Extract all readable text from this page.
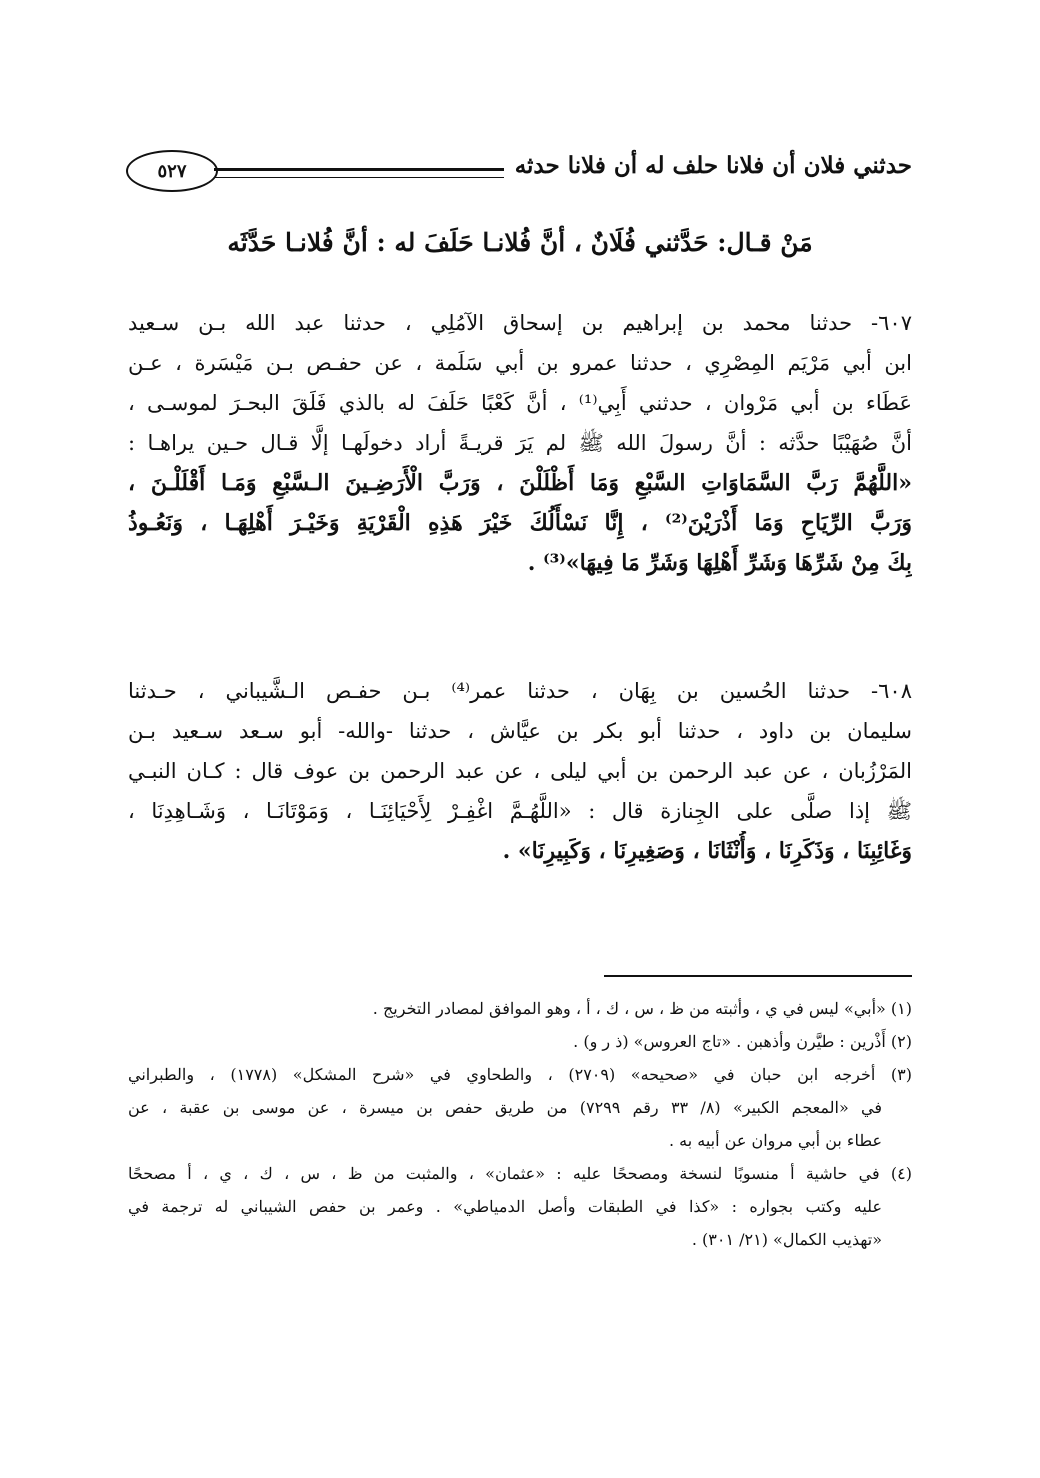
حدثني فلان أن فلانا حلف له أن فلانا حدثه
٥٢٧
مَنْ قـال: حَدَّثني فُلَانٌ ، أنَّ فُلانـا حَلَفَ له : أنَّ فُلانـا حَدَّثَه
٦٠٧- حدثنا محمد بن إبراهيم بن إسحاق الآمُلِي ، حدثنا عبد الله بـن سـعيد
ابن أبي مَرْيَم المِصْرِي ، حدثنا عمرو بن أبي سَلَمة ، عن حفـص بـن مَيْسَرة ، عـن
عَطَاء بن أبي مَرْوان ، حدثني أَبِي⁽¹⁾ ، أنَّ كَعْبًا حَلَفَ له بالذي فَلَقَ البحـرَ لموسـى ،
أنَّ صُهَيْبًا حدَّثه : أنَّ رسولَ الله ﷺ لم يَرَ قريـةً أراد دخولَهـا إلَّا قـال حـين يراهـا :
«اللَّهُمَّ رَبَّ السَّمَاوَاتِ السَّبْعِ وَمَا أَظْلَلْنَ ، وَرَبَّ الْأَرَضِـينَ الـسَّبْعِ وَمَـا أَقْلَلْـنَ ،
وَرَبَّ الرِّيَاحِ وَمَا أَذْرَيْنَ⁽²⁾ ، إِنَّا نَسْأَلُكَ خَيْرَ هَذِهِ الْقَرْيَةِ وَخَيْـرَ أَهْلِهَـا ، وَنَعُـوذُ
بِكَ مِنْ شَرِّهَا وَشَرِّ أَهْلِهَا وَشَرِّ مَا فِيهَا»⁽³⁾ .
٦٠٨- حدثنا الحُسين بن بِهَان ، حدثنا عمر⁽⁴⁾ بـن حفـص الـشَّيباني ، حـدثنا
سليمان بن داود ، حدثنا أبو بكر بن عيَّاش ، حدثنا -والله- أبو سـعد سـعيد بـن
المَرْزُبان ، عن عبد الرحمن بن أبي ليلى ، عن عبد الرحمن بن عوف قال : كـان النبـي
ﷺ إذا صلَّى على الجِنازة قال : «اللَّهُـمَّ اغْفِـرْ لِأَحْيَائِنَـا ، وَمَوْتَانَـا ، وَشَـاهِدِنَا ،
وَغَائِبِنَا ، وَذَكَرِنَا ، وَأُنْثَانَا ، وَصَغِيرِنَا ، وَكَبِيرِنَا» .
(١) «أبي» ليس في ي ، وأثبته من ظ ، س ، ك ، أ ، وهو الموافق لمصادر التخريج .
(٢) أَذْرين : طيَّرن وأذهبن . «تاج العروس» (ذ ر و) .
(٣) أخرجه ابن حبان في «صحيحه» (٢٧٠٩) ، والطحاوي في «شرح المشكل» (١٧٧٨) ، والطبراني
في «المعجم الكبير» (٨/ ٣٣ رقم ٧٢٩٩) من طريق حفص بن ميسرة ، عن موسى بن عقبة ، عن
عطاء بن أبي مروان عن أبيه به .
(٤) في حاشية أ منسوبًا لنسخة ومصححًا عليه : «عثمان» ، والمثبت من ظ ، س ، ك ، ي ، أ مصححًا
عليه وكتب بجواره : «كذا في الطبقات وأصل الدمياطي» . وعمر بن حفص الشيباني له ترجمة في
«تهذيب الكمال» (٢١/ ٣٠١) .
